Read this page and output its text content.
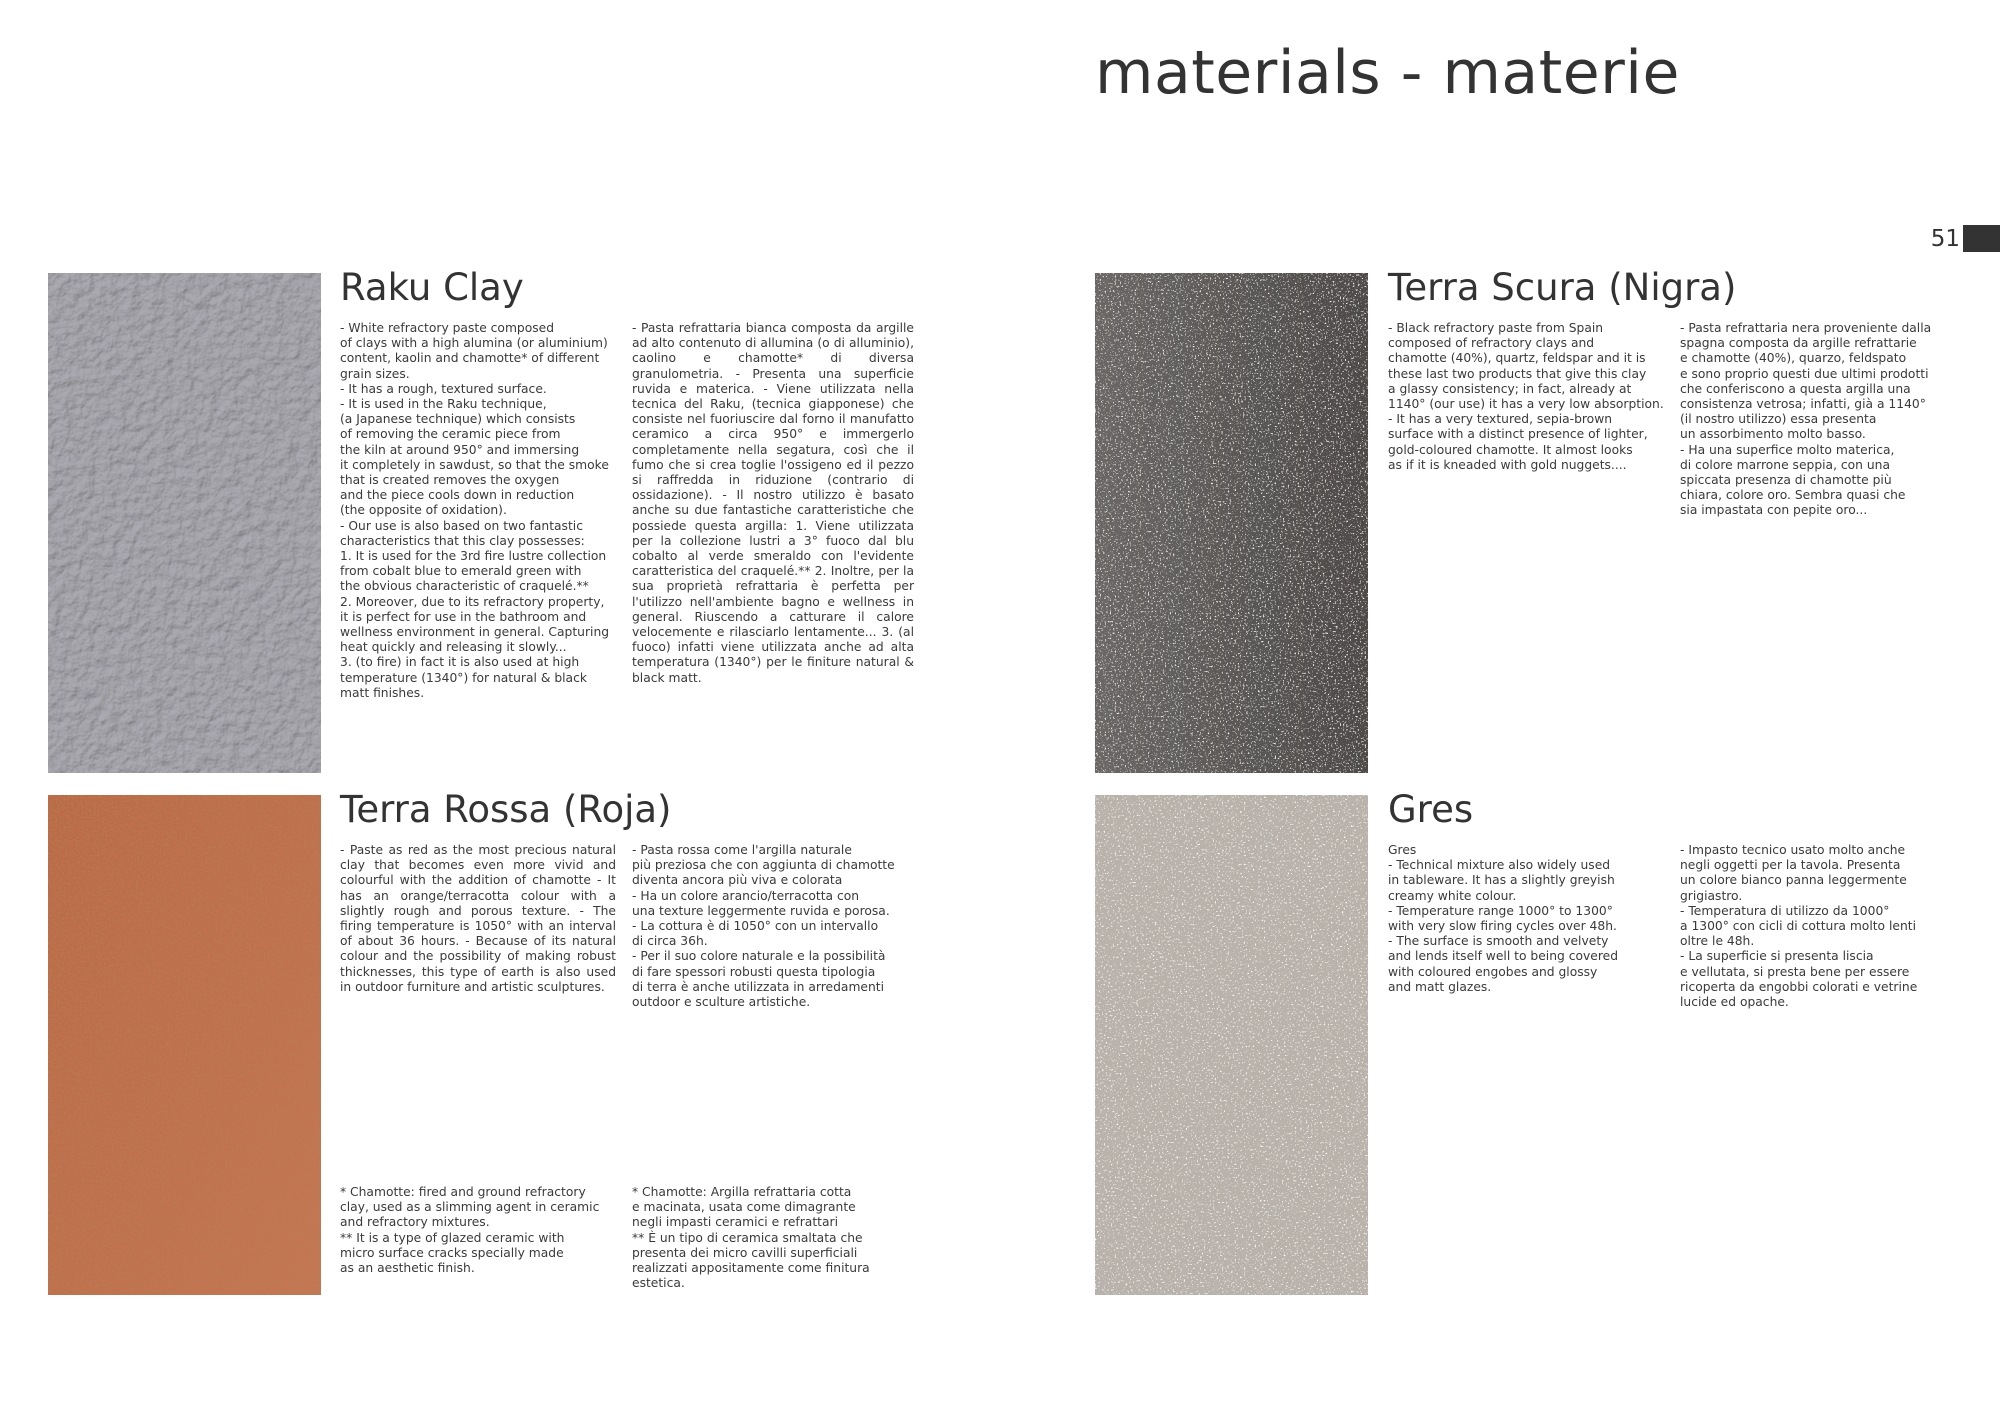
materials - materie
51
Raku Clay
- White refractory paste composed
of clays with a high alumina (or aluminium)
content, kaolin and chamotte* of different
grain sizes.
- It has a rough, textured surface.
- It is used in the Raku technique,
(a Japanese technique) which consists
of removing the ceramic piece from
the kiln at around 950° and immersing
it completely in sawdust, so that the smoke
that is created removes the oxygen
and the piece cools down in reduction
(the opposite of oxidation).
- Our use is also based on two fantastic
characteristics that this clay possesses:
1. It is used for the 3rd fire lustre collection
from cobalt blue to emerald green with
the obvious characteristic of craquelé.**
2. Moreover, due to its refractory property,
it is perfect for use in the bathroom and
wellness environment in general. Capturing
heat quickly and releasing it slowly...
3. (to fire) in fact it is also used at high
temperature (1340°) for natural & black
matt finishes.
- Pasta refrattaria bianca composta da argille ad alto contenuto di allumina (o di alluminio), caolino e chamotte* di diversa granulometria. - Presenta una superficie ruvida e materica. - Viene utilizzata nella tecnica del Raku, (tecnica giapponese) che consiste nel fuoriuscire dal forno il manufatto ceramico a circa 950° e immergerlo completamente nella segatura, così che il fumo che si crea toglie l'ossigeno ed il pezzo si raffredda in riduzione (contrario di ossidazione). - Il nostro utilizzo è basato anche su due fantastiche caratteristiche che possiede questa argilla: 1. Viene utilizzata per la collezione lustri a 3° fuoco dal blu cobalto al verde smeraldo con l'evidente caratteristica del craquelé.** 2. Inoltre, per la sua proprietà refrattaria è perfetta per l'utilizzo nell'ambiente bagno e wellness in general. Riuscendo a catturare il calore velocemente e rilasciarlo lentamente... 3. (al fuoco) infatti viene utilizzata anche ad alta temperatura (1340°) per le finiture natural & black matt.
Terra Scura (Nigra)
- Black refractory paste from Spain
composed of refractory clays and
chamotte (40%), quartz, feldspar and it is
these last two products that give this clay
a glassy consistency; in fact, already at
1140° (our use) it has a very low absorption.
- It has a very textured, sepia-brown
surface with a distinct presence of lighter,
gold-coloured chamotte. It almost looks
as if it is kneaded with gold nuggets....
- Pasta refrattaria nera proveniente dalla
spagna composta da argille refrattarie
e chamotte (40%), quarzo, feldspato
e sono proprio questi due ultimi prodotti
che conferiscono a questa argilla una
consistenza vetrosa; infatti, già a 1140°
(il nostro utilizzo) essa presenta
un assorbimento molto basso.
- Ha una superfice molto materica,
di colore marrone seppia, con una
spiccata presenza di chamotte più
chiara, colore oro. Sembra quasi che
sia impastata con pepite oro...
Terra Rossa (Roja)
- Paste as red as the most precious natural clay that becomes even more vivid and colourful with the addition of chamotte - It has an orange/terracotta colour with a slightly rough and porous texture. - The firing temperature is 1050° with an interval of about 36 hours. - Because of its natural colour and the possibility of making robust thicknesses, this type of earth is also used in outdoor furniture and artistic sculptures.
- Pasta rossa come l'argilla naturale
più preziosa che con aggiunta di chamotte
diventa ancora più viva e colorata
- Ha un colore arancio/terracotta con
una texture leggermente ruvida e porosa.
- La cottura è di 1050° con un intervallo
di circa 36h.
- Per il suo colore naturale e la possibilità
di fare spessori robusti questa tipologia
di terra è anche utilizzata in arredamenti
outdoor e sculture artistiche.
* Chamotte: fired and ground refractory
clay, used as a slimming agent in ceramic
and refractory mixtures.
** It is a type of glazed ceramic with
micro surface cracks specially made
as an aesthetic finish.
* Chamotte: Argilla refrattaria cotta
e macinata, usata come dimagrante
negli impasti ceramici e refrattari
** È un tipo di ceramica smaltata che
presenta dei micro cavilli superficiali
realizzati appositamente come finitura
estetica.
Gres
Gres
- Technical mixture also widely used
in tableware. It has a slightly greyish
creamy white colour.
- Temperature range 1000° to 1300°
with very slow firing cycles over 48h.
- The surface is smooth and velvety
and lends itself well to being covered
with coloured engobes and glossy
and matt glazes.
- Impasto tecnico usato molto anche
negli oggetti per la tavola. Presenta
un colore bianco panna leggermente
grigiastro.
- Temperatura di utilizzo da 1000°
a 1300° con cicli di cottura molto lenti
oltre le 48h.
- La superficie si presenta liscia
e vellutata, si presta bene per essere
ricoperta da engobbi colorati e vetrine
lucide ed opache.
